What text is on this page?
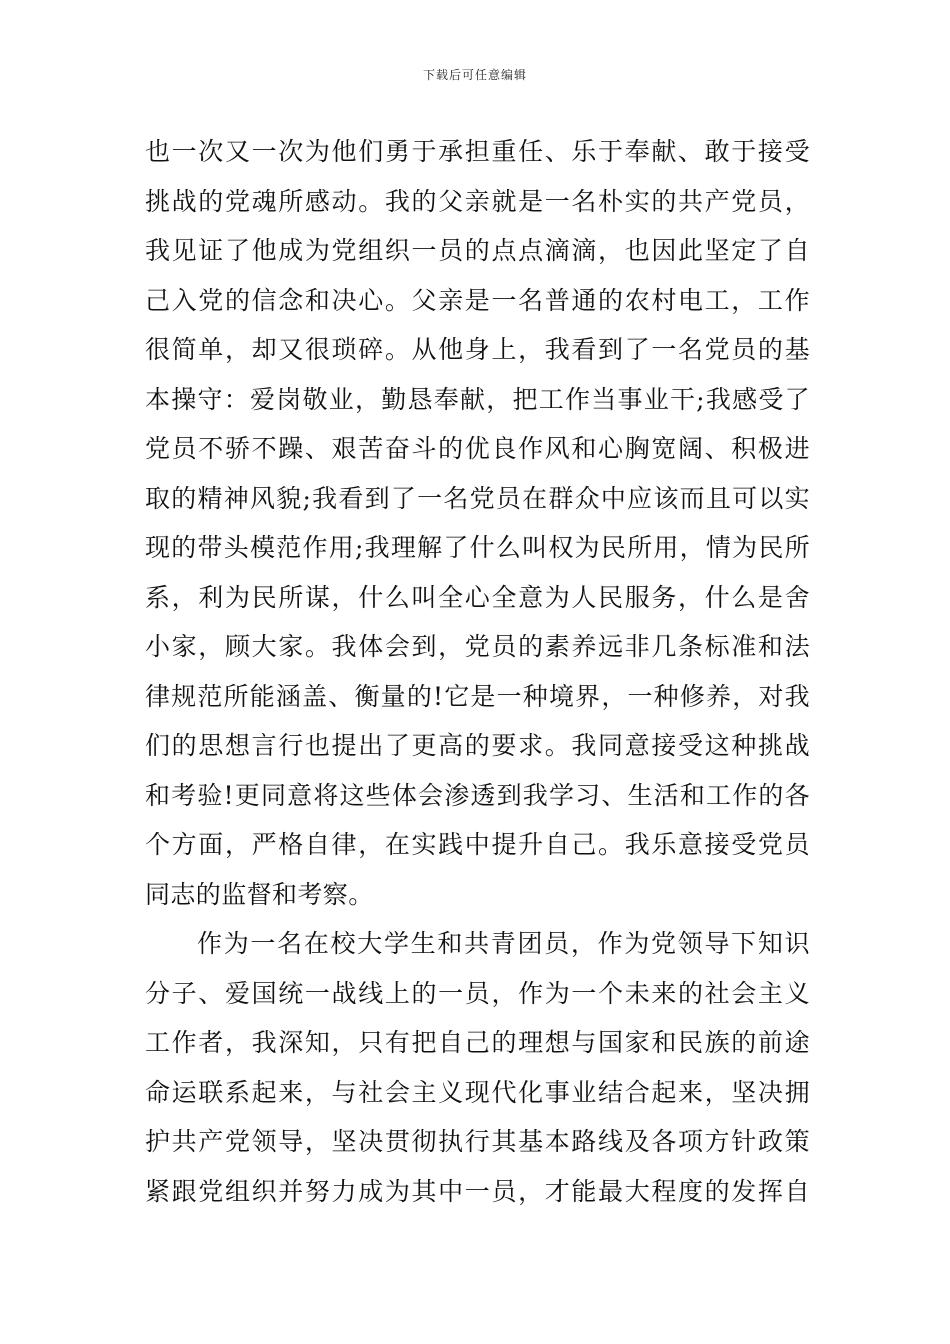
下载后可任意编辑
也一次又一次为他们勇于承担重任、乐于奉献、敢于接受
挑战的党魂所感动。我的父亲就是一名朴实的共产党员，
我见证了他成为党组织一员的点点滴滴，也因此坚定了自
己入党的信念和决心。父亲是一名普通的农村电工，工作
很简单，却又很琐碎。从他身上，我看到了一名党员的基
本操守：爱岗敬业，勤恳奉献，把工作当事业干;我感受了
党员不骄不躁、艰苦奋斗的优良作风和心胸宽阔、积极进
取的精神风貌;我看到了一名党员在群众中应该而且可以实
现的带头模范作用;我理解了什么叫权为民所用，情为民所
系，利为民所谋，什么叫全心全意为人民服务，什么是舍
小家，顾大家。我体会到，党员的素养远非几条标准和法
律规范所能涵盖、衡量的!它是一种境界，一种修养，对我
们的思想言行也提出了更高的要求。我同意接受这种挑战
和考验!更同意将这些体会渗透到我学习、生活和工作的各
个方面，严格自律，在实践中提升自己。我乐意接受党员
同志的监督和考察。
作为一名在校大学生和共青团员，作为党领导下知识
分子、爱国统一战线上的一员，作为一个未来的社会主义
工作者，我深知，只有把自己的理想与国家和民族的前途
命运联系起来，与社会主义现代化事业结合起来，坚决拥
护共产党领导，坚决贯彻执行其基本路线及各项方针政策
紧跟党组织并努力成为其中一员，才能最大程度的发挥自
